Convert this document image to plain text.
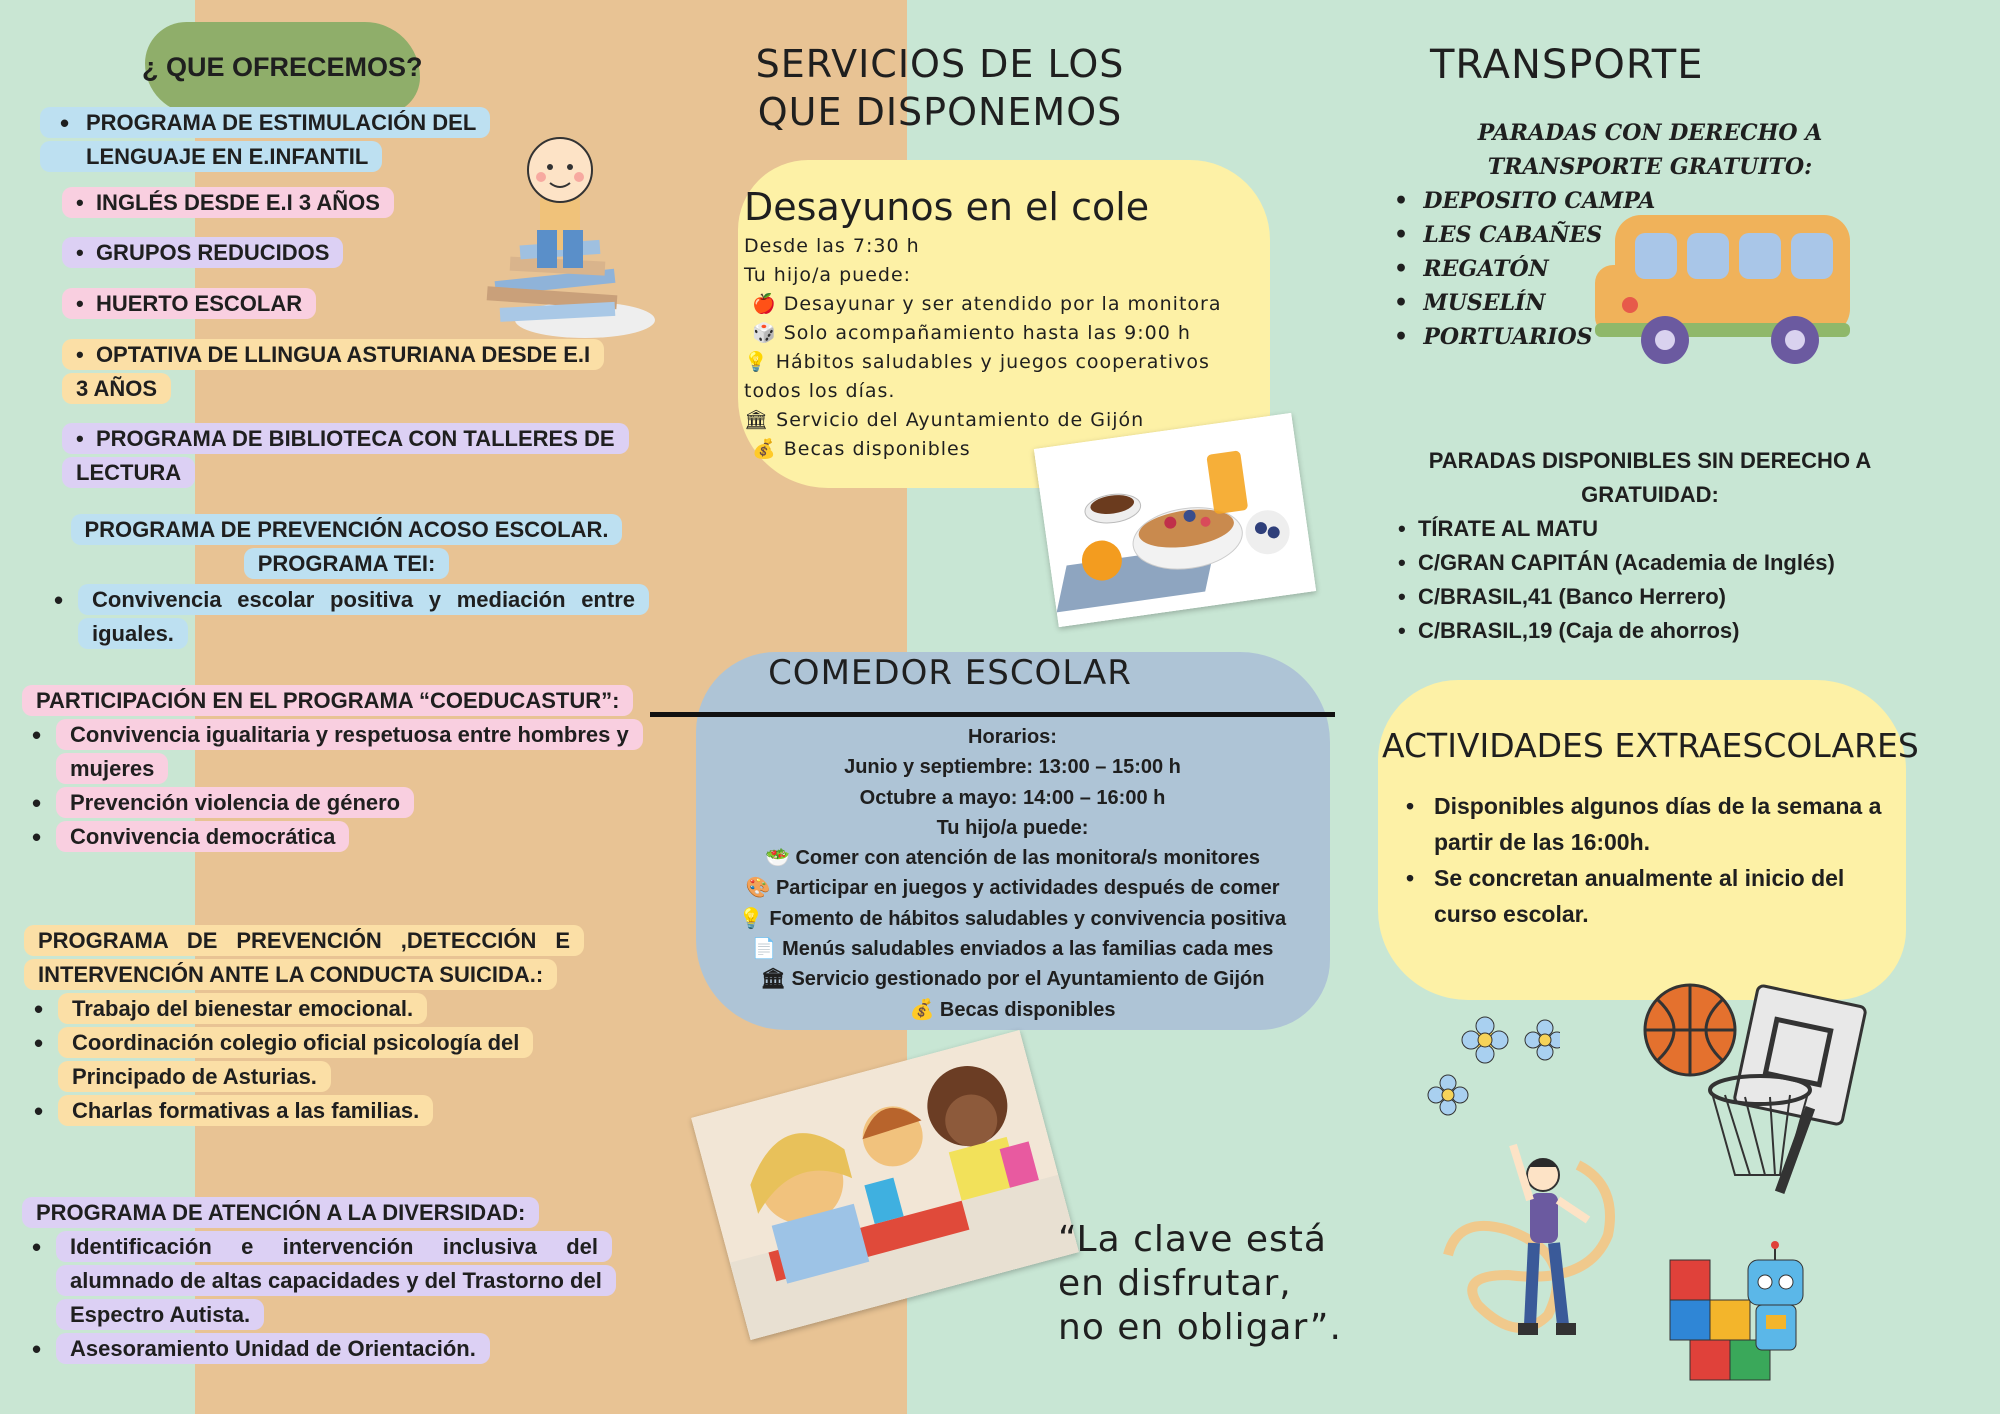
¿ QUE OFRECEMOS?
• PROGRAMA DE ESTIMULACIÓN DEL LENGUAJE EN E.INFANTIL
•  INGLÉS DESDE E.I 3 AÑOS
•  GRUPOS REDUCIDOS
•  HUERTO ESCOLAR
•  OPTATIVA DE LLINGUA ASTURIANA DESDE E.I 3 AÑOS
•  PROGRAMA DE BIBLIOTECA CON TALLERES DE LECTURA
PROGRAMA DE PREVENCIÓN ACOSO ESCOLAR. PROGRAMA TEI:
• Convivencia escolar positiva y mediación entre iguales.
PARTICIPACIÓN EN EL PROGRAMA “COEDUCASTUR”:
• Convivencia igualitaria y respetuosa entre hombres y mujeres
• Prevención violencia de género
• Convivencia democrática
PROGRAMA DE PREVENCIÓN ,DETECCIÓN E INTERVENCIÓN ANTE LA CONDUCTA SUICIDA.:
• Trabajo del bienestar emocional.
• Coordinación colegio oficial psicología del Principado de Asturias.
• Charlas formativas a las familias.
PROGRAMA DE ATENCIÓN A LA DIVERSIDAD:
• Identificación e intervención inclusiva del alumnado de altas capacidades y del Trastorno del Espectro Autista.
• Asesoramiento Unidad de Orientación.
SERVICIOS DE LOS
QUE DISPONEMOS
Desayunos en el cole
Desde las 7:30 h
Tu hijo/a puede:
🍎 Desayunar y ser atendido por la monitora
🎲 Solo acompañamiento hasta las 9:00 h
💡 Hábitos saludables y juegos cooperativos todos los días.
🏛 Servicio del Ayuntamiento de Gijón
💰 Becas disponibles
COMEDOR ESCOLAR
Horarios:
Junio y septiembre: 13:00 – 15:00 h
Octubre a mayo: 14:00 – 16:00 h
Tu hijo/a puede:
🥗 Comer con atención de las monitora/s monitores
🎨 Participar en juegos y actividades después de comer
💡 Fomento de hábitos saludables y convivencia positiva
📄 Menús saludables enviados a las familias cada mes
🏛 Servicio gestionado por el Ayuntamiento de Gijón
💰 Becas disponibles
“La clave está
en disfrutar,
no en obligar”.
TRANSPORTE
PARADAS CON DERECHO A TRANSPORTE GRATUITO:
•  DEPOSITO CAMPA
•  LES CABAÑES
•  REGATÓN
•  MUSELÍN
•  PORTUARIOS
PARADAS DISPONIBLES SIN DERECHO A GRATUIDAD:
•  TÍRATE AL MATU
•  C/GRAN CAPITÁN (Academia de Inglés)
•  C/BRASIL,41 (Banco Herrero)
•  C/BRASIL,19 (Caja de ahorros)
ACTIVIDADES EXTRAESCOLARES
• Disponibles algunos días de la semana a partir de las 16:00h.
• Se concretan anualmente al inicio del curso escolar.
